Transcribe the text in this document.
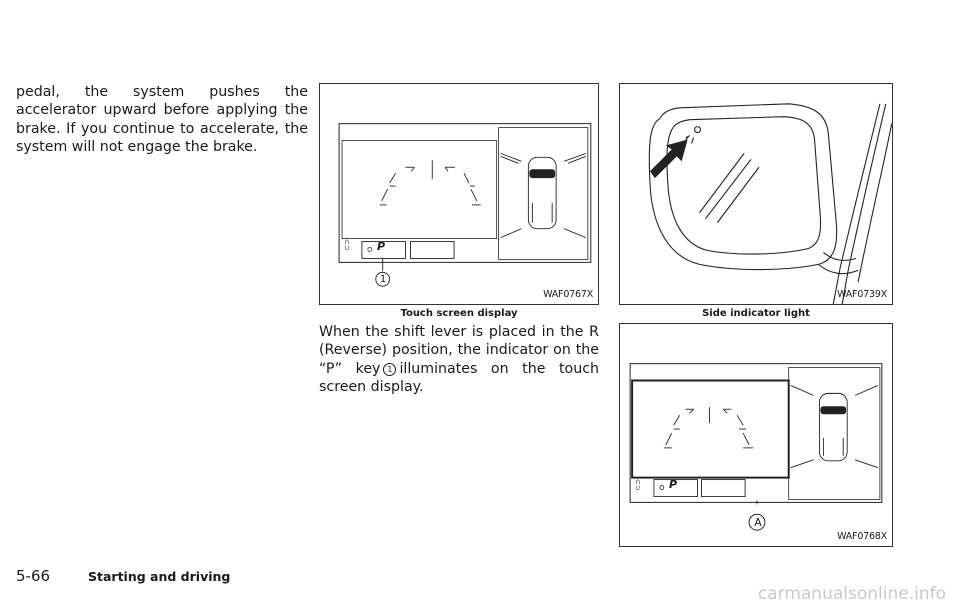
pedal, the system pushes the accelerator upward before applying the brake. If you continue to accelerate, the system will not engage the brake.

⊂⊃ P
1
WAF0767X
Touch screen display

When the shift lever is placed in the R (Reverse) position, the indicator on the “P” key 1 illuminates on the touch screen display.

ſ
WAF0739X
Side indicator light
⊂⊃ P
A
WAF0768X
5-66	Starting and driving
carmanualsonline.info
